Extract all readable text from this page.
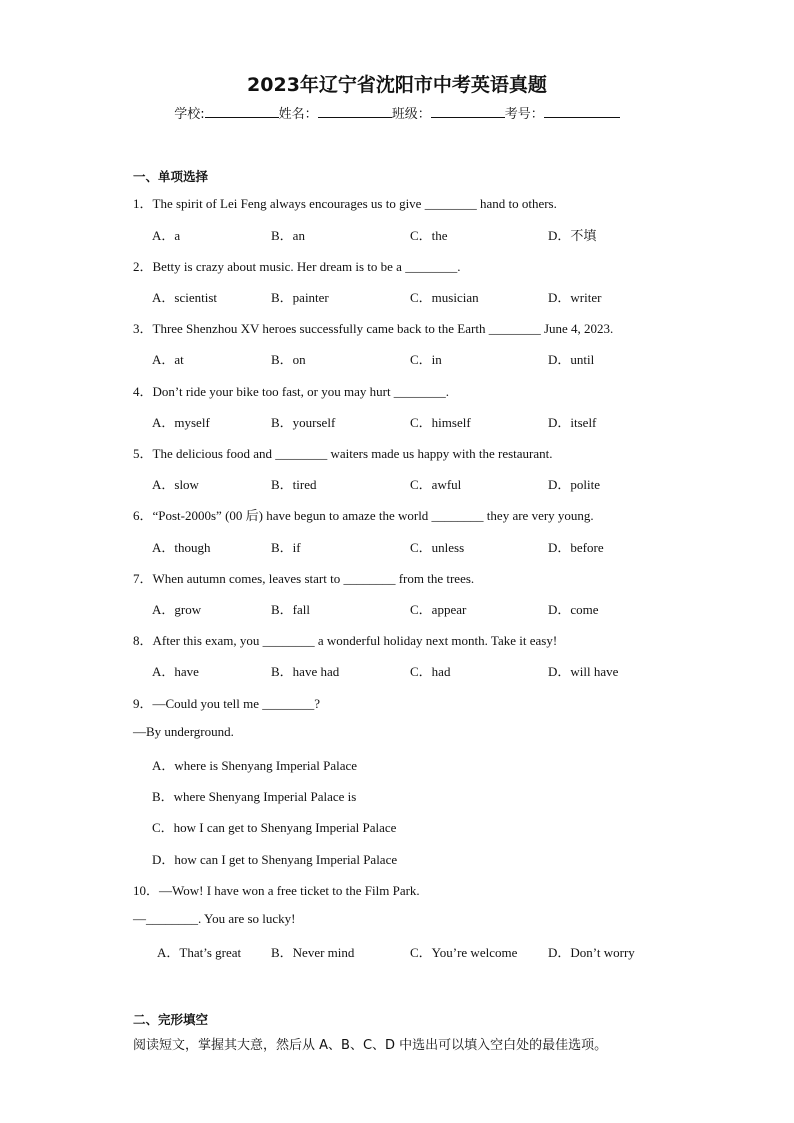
2023年辽宁省沈阳市中考英语真题
学校:	姓名：	班级：	考号：
一、单项选择
1．The spirit of Lei Feng always encourages us to give ________ hand to others.
A．a	B．an	C．the	D．不填
2．Betty is crazy about music. Her dream is to be a ________.
A．scientist	B．painter	C．musician	D．writer
3．Three Shenzhou XV heroes successfully came back to the Earth ________ June 4, 2023.
A．at	B．on	C．in	D．until
4．Don’t ride your bike too fast, or you may hurt ________.
A．myself	B．yourself	C．himself	D．itself
5．The delicious food and ________ waiters made us happy with the restaurant.
A．slow	B．tired	C．awful	D．polite
6．“Post-2000s” (00 后) have begun to amaze the world ________ they are very young.
A．though	B．if	C．unless	D．before
7．When autumn comes, leaves start to ________ from the trees.
A．grow	B．fall	C．appear	D．come
8．After this exam, you ________ a wonderful holiday next month. Take it easy!
A．have	B．have had	C．had	D．will have
9．—Could you tell me ________?
—By underground.
A．where is Shenyang Imperial Palace
B．where Shenyang Imperial Palace is
C．how I can get to Shenyang Imperial Palace
D．how can I get to Shenyang Imperial Palace
10．—Wow! I have won a free ticket to the Film Park.
—________. You are so lucky!
A．That’s great B．Never mind	C．You’re welcome D．Don’t worry
二、完形填空
阅读短文，掌握其大意，然后从 A、B、C、D 中选出可以填入空白处的最佳选项。
